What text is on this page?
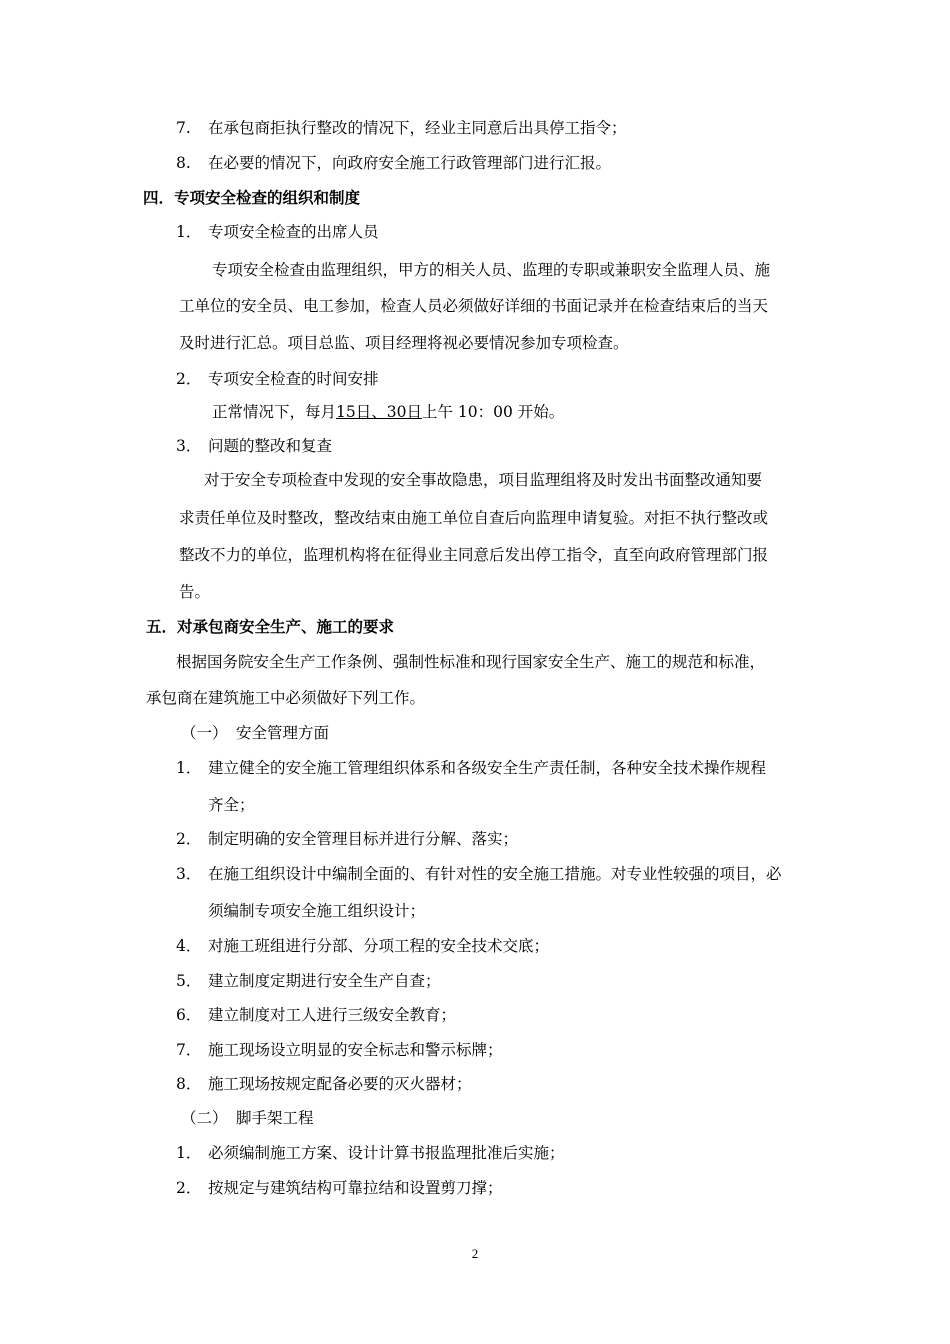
7. 在承包商拒执行整改的情况下，经业主同意后出具停工指令；
8. 在必要的情况下，向政府安全施工行政管理部门进行汇报。
四．专项安全检查的组织和制度
1． 专项安全检查的出席人员
专项安全检查由监理组织，甲方的相关人员、监理的专职或兼职安全监理人员、施
工单位的安全员、电工参加，检查人员必须做好详细的书面记录并在检查结束后的当天
及时进行汇总。项目总监、项目经理将视必要情况参加专项检查。
2． 专项安全检查的时间安排
正常情况下，每月15日、30日上午 10：00 开始。
3． 问题的整改和复查
对于安全专项检查中发现的安全事故隐患，项目监理组将及时发出书面整改通知要
求责任单位及时整改，整改结束由施工单位自查后向监理申请复验。对拒不执行整改或
整改不力的单位，监理机构将在征得业主同意后发出停工指令，直至向政府管理部门报
告。
五．对承包商安全生产、施工的要求
根据国务院安全生产工作条例、强制性标准和现行国家安全生产、施工的规范和标准，
承包商在建筑施工中必须做好下列工作。
（一） 安全管理方面
1． 建立健全的安全施工管理组织体系和各级安全生产责任制，各种安全技术操作规程
齐全；
2． 制定明确的安全管理目标并进行分解、落实；
3． 在施工组织设计中编制全面的、有针对性的安全施工措施。对专业性较强的项目，必
须编制专项安全施工组织设计；
4． 对施工班组进行分部、分项工程的安全技术交底；
5． 建立制度定期进行安全生产自查；
6． 建立制度对工人进行三级安全教育；
7． 施工现场设立明显的安全标志和警示标牌；
8． 施工现场按规定配备必要的灭火器材；
（二） 脚手架工程
1． 必须编制施工方案、设计计算书报监理批准后实施；
2． 按规定与建筑结构可靠拉结和设置剪刀撑；
2
